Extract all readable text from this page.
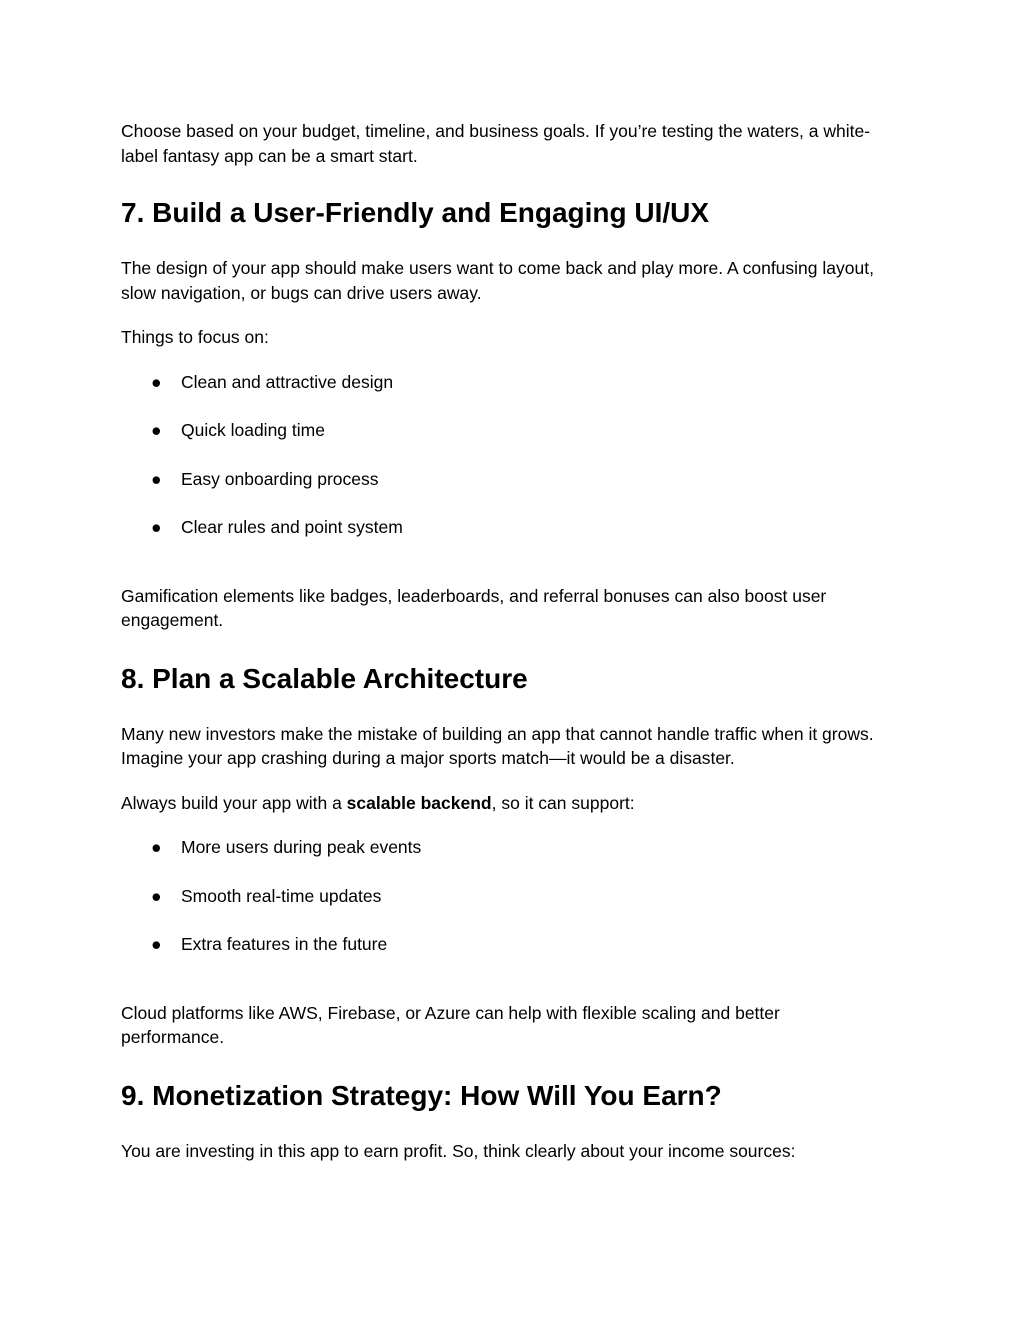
Choose based on your budget, timeline, and business goals. If you’re testing the waters, a white-label fantasy app can be a smart start.

7. Build a User-Friendly and Engaging UI/UX

The design of your app should make users want to come back and play more. A confusing layout, slow navigation, or bugs can drive users away.

Things to focus on:

● Clean and attractive design
● Quick loading time
● Easy onboarding process
● Clear rules and point system

Gamification elements like badges, leaderboards, and referral bonuses can also boost user engagement.

8. Plan a Scalable Architecture

Many new investors make the mistake of building an app that cannot handle traffic when it grows. Imagine your app crashing during a major sports match—it would be a disaster.

Always build your app with a scalable backend, so it can support:

● More users during peak events
● Smooth real-time updates
● Extra features in the future

Cloud platforms like AWS, Firebase, or Azure can help with flexible scaling and better performance.

9. Monetization Strategy: How Will You Earn?

You are investing in this app to earn profit. So, think clearly about your income sources:
